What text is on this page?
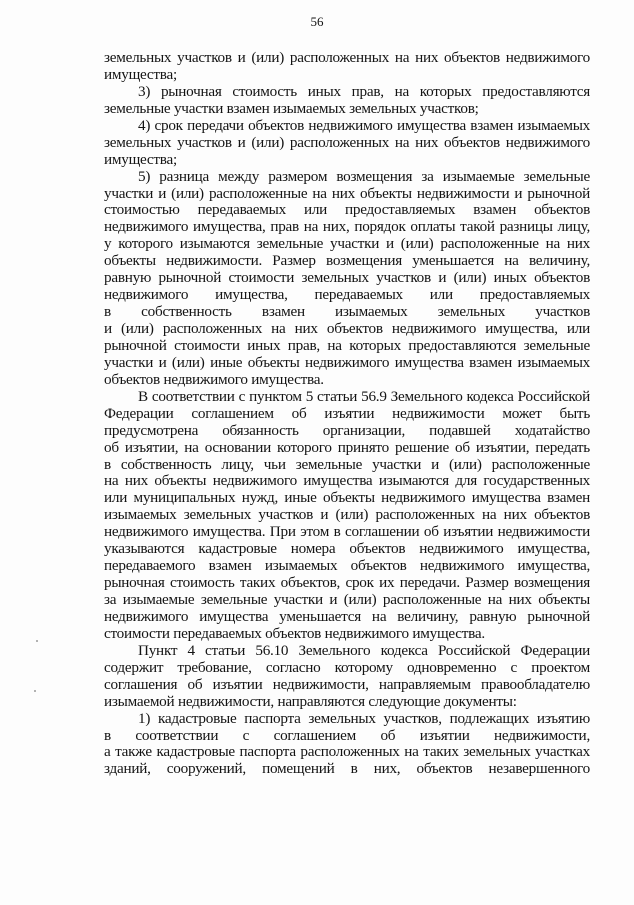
56
земельных участков и (или) расположенных на них объектов недвижимого
имущества;
3) рыночная стоимость иных прав, на которых предоставляются
земельные участки взамен изымаемых земельных участков;
4) срок передачи объектов недвижимого имущества взамен изымаемых
земельных участков и (или) расположенных на них объектов недвижимого
имущества;
5) разница между размером возмещения за изымаемые земельные
участки и (или) расположенные на них объекты недвижимости и рыночной
стоимостью передаваемых или предоставляемых взамен объектов
недвижимого имущества, прав на них, порядок оплаты такой разницы лицу,
у которого изымаются земельные участки и (или) расположенные на них
объекты недвижимости. Размер возмещения уменьшается на величину,
равную рыночной стоимости земельных участков и (или) иных объектов
недвижимого имущества, передаваемых или предоставляемых
в собственность взамен изымаемых земельных участков
и (или) расположенных на них объектов недвижимого имущества, или
рыночной стоимости иных прав, на которых предоставляются земельные
участки и (или) иные объекты недвижимого имущества взамен изымаемых
объектов недвижимого имущества.
В соответствии с пунктом 5 статьи 56.9 Земельного кодекса Российской
Федерации соглашением об изъятии недвижимости может быть
предусмотрена обязанность организации, подавшей ходатайство
об изъятии, на основании которого принято решение об изъятии, передать
в собственность лицу, чьи земельные участки и (или) расположенные
на них объекты недвижимого имущества изымаются для государственных
или муниципальных нужд, иные объекты недвижимого имущества взамен
изымаемых земельных участков и (или) расположенных на них объектов
недвижимого имущества. При этом в соглашении об изъятии недвижимости
указываются кадастровые номера объектов недвижимого имущества,
передаваемого взамен изымаемых объектов недвижимого имущества,
рыночная стоимость таких объектов, срок их передачи. Размер возмещения
за изымаемые земельные участки и (или) расположенные на них объекты
недвижимого имущества уменьшается на величину, равную рыночной
стоимости передаваемых объектов недвижимого имущества.
Пункт 4 статьи 56.10 Земельного кодекса Российской Федерации
содержит требование, согласно которому одновременно с проектом
соглашения об изъятии недвижимости, направляемым правообладателю
изымаемой недвижимости, направляются следующие документы:
1) кадастровые паспорта земельных участков, подлежащих изъятию
в соответствии с соглашением об изъятии недвижимости,
а также кадастровые паспорта расположенных на таких земельных участках
зданий, сооружений, помещений в них, объектов незавершенного
